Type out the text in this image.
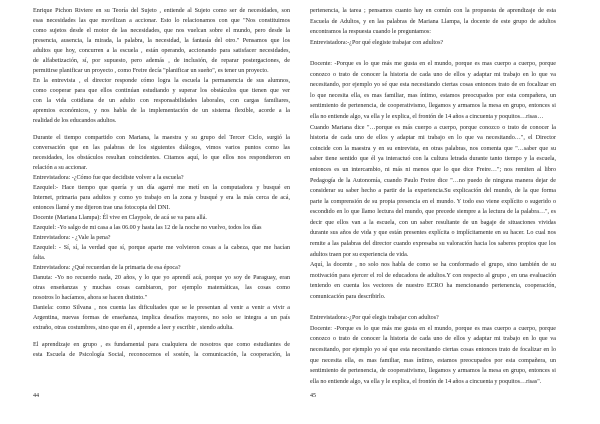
Enrique Pichon Riviere en su Teoría del Sujeto , entiende al Sujeto como ser de necesidades, son
esas necesidades las que movilizan a accionar. Esto lo relacionamos con que "Nos constituimos
como sujetos desde el motor de las necesidades, que nos vuelcan sobre el mundo, pero desde la
presencia, ausencia, la mirada, la palabra, la necesidad, la fantasía del otro." Pensamos que los
adultos que hoy, concurren a la escuela , están operando, accionando para satisfacer necesidades,
de alfabetización, sí, por supuesto, pero además , de inclusión, de reparar postergaciones, de
permitirse planificar un proyecto , como Freire decía "planificar un sueño", es tener un proyecto.
En la entrevista , el director responde cómo logra la escuela la permanencia de sus alumnos,
como cooperar para que ellos continúan estudiando y superar los obstáculos que tienen que ver
con la vida cotidiana de un adulto con responsabilidades laborales, con cargas familiares,
apremios económicos, y nos habla de la implementación de un sistema flexible, acorde a la
realidad de los educandos adultos.
Durante el tiempo compartido con Mariana, la maestra y su grupo del Tercer Ciclo, surgió la
conversación que en las palabras de los siguientes diálogos, vimos varios puntos como las
necesidades, los obstáculos resultan coincidentes. Citamos aquí, lo que ellos nos respondieron en
relación a su accionar.
Entrevistadora: -¿Cómo fue que decidiste volver a la escuela?
Ezequiel:- Hace tiempo que quería y un día agarré me metí en la computadora y busqué en
Internet, primaria para adultos y como yo trabajo en la zona y busqué y era la más cerca de acá,
entonces llamé y me dijeron trae una fotocopia del DNI.
Docente (Mariana Llampa): Él vive en Claypole, de acá se va para allá.
Ezequiel: -Yo salgo de mi casa a las 06.00 y hasta las 12 de la noche no vuelvo, todos los días
Entrevistadora: - ¿Vale la pena?
Ezequiel: - Sí, sí, la verdad que sí, porque aparte me volvieron cosas a la cabeza, que me hacían
falta.
Entrevistadora: ¿Qué recuerdan de la primaria de esa época?
Danuta: -Yo no recuerdo nada, 20 años, y lo que yo aprendí acá, porque yo soy de Paraguay, eran
otras enseñanzas y muchas cosas cambiaron, por ejemplo matemáticas, las cosas como
nosotros lo hacíamos, ahora se hacen distinto."
Daniela: como Silvana , nos cuenta las dificultades que se le presentan al venir a venir a vivir a
Argentina, nuevas formas de enseñanza, implica desafíos mayores, no solo se integra a un país
extraño, otras costumbres, sino que en él , aprende a leer y escribir , siendo adulta.
El aprendizaje en grupo , es fundamental para cualquiera de nosotros que como estudiantes de
esta Escuela de Psicología Social, reconocemos el sostén, la comunicación, la cooperación, la
pertenencia, la tarea ; pensamos cuanto hay en común con la propuesta de aprendizaje de esta
Escuela de Adultos, y en las palabras de Mariana Llampa, la docente de este grupo de adultos
encontramos la respuesta cuando le preguntamos:
Entrevistadora:-¿Por qué elegiste trabajar con adultos?
Docente: -Porque es lo que más me gusta en el mundo, porque es mas cuerpo a cuerpo, porque
conozco o trato de conocer la historia de cada uno de ellos y adaptar mi trabajo en lo que va
necesitando, por ejemplo yo sé que esta necesitando ciertas cosas entonces trato de en focalizar en
lo que necesita ella, es mas familiar, mas íntimo, estamos preocupados por esta compañera, un
sentimiento de pertenencia, de cooperativismo, llegamos y armamos la mesa en grupo, entonces si
ella no entiende algo, va ella y le explica, el frontón de 14 años a cincuenta y poquitos…risas…
Cuando Mariana dice "…porque es más cuerpo a cuerpo, porque conozco o trato de conocer la
historia de cada uno de ellos y adaptar mi trabajo en lo que va necesitando…", el Director
coincide con la maestra y en su entrevista, en otras palabras, nos comenta que "…saber que su
saber tiene sentido que él ya interactuó con la cultura letrada durante tanto tiempo y la escuela,
entonces es un intercambio, ni más ni menos que lo que dice Freire…"; nos remiten al libro
Pedagogía de la Autonomía, cuando Paulo Freire dice "…no puedo de ninguna manera dejar de
considerar su saber hecho a partir de la experiencia.Su explicación del mundo, de la que forma
parte la comprensión de su propia presencia en el mundo. Y todo eso viene explícito o sugerido o
escondido en lo que llamo lectura del mundo, que precede siempre a la lectura de la palabra…", es
decir que ellos van a la escuela, con un saber resultante de un bagaje de situaciones vividas
durante sus años de vida y que están presentes explícita o implícitamente en su hacer. Lo cual nos
remite a las palabras del director cuando expresaba su valoración hacia los saberes propios que los
adultos traen por su experiencia de vida.
Aquí, la docente , no solo nos habla de como se ha conformado el grupo, sino también de su
motivación para ejercer el rol de educadora de adultos.Y con respecto al grupo , en una evaluación
teniendo en cuenta los vectores de nuestro ECRO ha mencionando pertenencia, cooperación,
comunicación para describirlo.
Entrevistadora:-¿Por qué elegis trabajar con adultos?
Docente: -Porque es lo que más me gusta en el mundo, porque es mas cuerpo a cuerpo, porque
conozco o trato de conocer la historia de cada uno de ellos y adaptar mi trabajo en lo que va
necesitando, por ejemplo yo sé que esta necesitando ciertas cosas entonces trato de focalizar en lo
que necesita ella, es mas familiar, mas íntimo, estamos preocupados por esta compañera, un
sentimiento de pertenencia, de cooperativismo, llegamos y armamos la mesa en grupo, entonces si
ella no entiende algo, va ella y le explica, el frontón de 14 años a cincuenta y poquitos…risas".
44	45
